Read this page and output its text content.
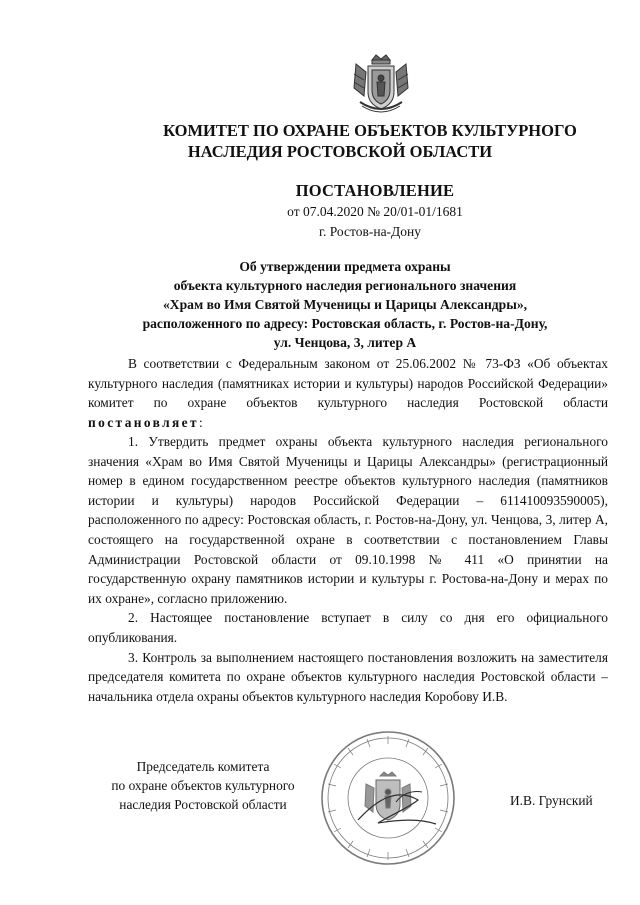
КОМИТЕТ ПО ОХРАНЕ ОБЪЕКТОВ КУЛЬТУРНОГО
НАСЛЕДИЯ РОСТОВСКОЙ ОБЛАСТИ
ПОСТАНОВЛЕНИЕ
от 07.04.2020 № 20/01-01/1681
г. Ростов-на-Дону
Об утверждении предмета охраны
объекта культурного наследия регионального значения
«Храм во Имя Святой Мученицы и Царицы Александры»,
расположенного по адресу: Ростовская область, г. Ростов-на-Дону,
ул. Ченцова, 3, литер А

В соответствии с Федеральным законом от 25.06.2002 № 73-ФЗ «Об объектах культурного наследия (памятниках истории и культуры) народов Российской Федерации» комитет по охране объектов культурного наследия Ростовской области постановляет:

1. Утвердить предмет охраны объекта культурного наследия регионального значения «Храм во Имя Святой Мученицы и Царицы Александры» (регистрационный номер в едином государственном реестре объектов культурного наследия (памятников истории и культуры) народов Российской Федерации – 611410093590005), расположенного по адресу: Ростовская область, г. Ростов-на-Дону, ул. Ченцова, 3, литер А, состоящего на государственной охране в соответствии с постановлением Главы Администрации Ростовской области от 09.10.1998 № 411 «О принятии на государственную охрану памятников истории и культуры г. Ростова-на-Дону и мерах по их охране», согласно приложению.

2. Настоящее постановление вступает в силу со дня его официального опубликования.

3. Контроль за выполнением настоящего постановления возложить на заместителя председателя комитета по охране объектов культурного наследия Ростовской области – начальника отдела охраны объектов культурного наследия Коробову И.В.

Председатель комитета
по охране объектов культурного
наследия Ростовской области	И.В. Грунский
